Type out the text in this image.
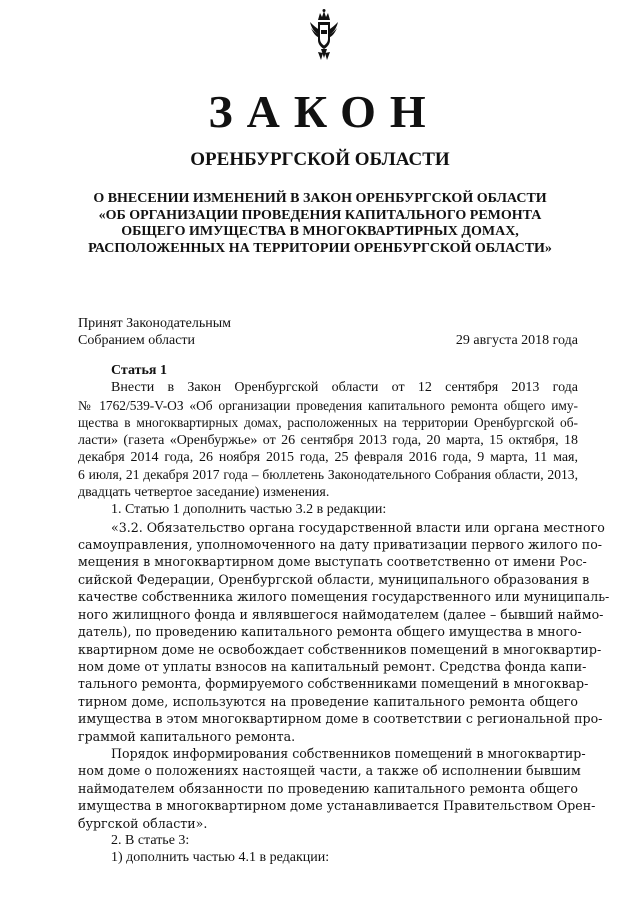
ЗАКОН
ОРЕНБУРГСКОЙ ОБЛАСТИ
О ВНЕСЕНИИ ИЗМЕНЕНИЙ В ЗАКОН ОРЕНБУРГСКОЙ ОБЛАСТИ
«ОБ ОРГАНИЗАЦИИ ПРОВЕДЕНИЯ КАПИТАЛЬНОГО РЕМОНТА
ОБЩЕГО ИМУЩЕСТВА В МНОГОКВАРТИРНЫХ ДОМАХ,
РАСПОЛОЖЕННЫХ НА ТЕРРИТОРИИ ОРЕНБУРГСКОЙ ОБЛАСТИ»
Принят Законодательным
Собранием области	29 августа 2018 года
Статья 1
Внести в Закон Оренбургской области от 12 сентября 2013 года
№ 1762/539-V-ОЗ «Об организации проведения капитального ремонта общего иму-
щества в многоквартирных домах, расположенных на территории Оренбургской об-
ласти» (газета «Оренбуржье» от 26 сентября 2013 года, 20 марта, 15 октября, 18
декабря 2014 года, 26 ноября 2015 года, 25 февраля 2016 года, 9 марта, 11 мая,
6 июля, 21 декабря 2017 года – бюллетень Законодательного Собрания области, 2013,
двадцать четвертое заседание) изменения.
1. Статью 1 дополнить частью 3.2 в редакции:
«3.2. Обязательство органа государственной власти или органа местного
самоуправления, уполномоченного на дату приватизации первого жилого по-
мещения в многоквартирном доме выступать соответственно от имени Рос-
сийской Федерации, Оренбургской области, муниципального образования в
качестве собственника жилого помещения государственного или муниципаль-
ного жилищного фонда и являвшегося наймодателем (далее – бывший наймо-
датель), по проведению капитального ремонта общего имущества в много-
квартирном доме не освобождает собственников помещений в многоквартир-
ном доме от уплаты взносов на капитальный ремонт. Средства фонда капи-
тального ремонта, формируемого собственниками помещений в многоквар-
тирном доме, используются на проведение капитального ремонта общего
имущества в этом многоквартирном доме в соответствии с региональной про-
граммой капитального ремонта.
Порядок информирования собственников помещений в многоквартир-
ном доме о положениях настоящей части, а также об исполнении бывшим
наймодателем обязанности по проведению капитального ремонта общего
имущества в многоквартирном доме устанавливается Правительством Орен-
бургской области».
2. В статье 3:
1) дополнить частью 4.1 в редакции:
